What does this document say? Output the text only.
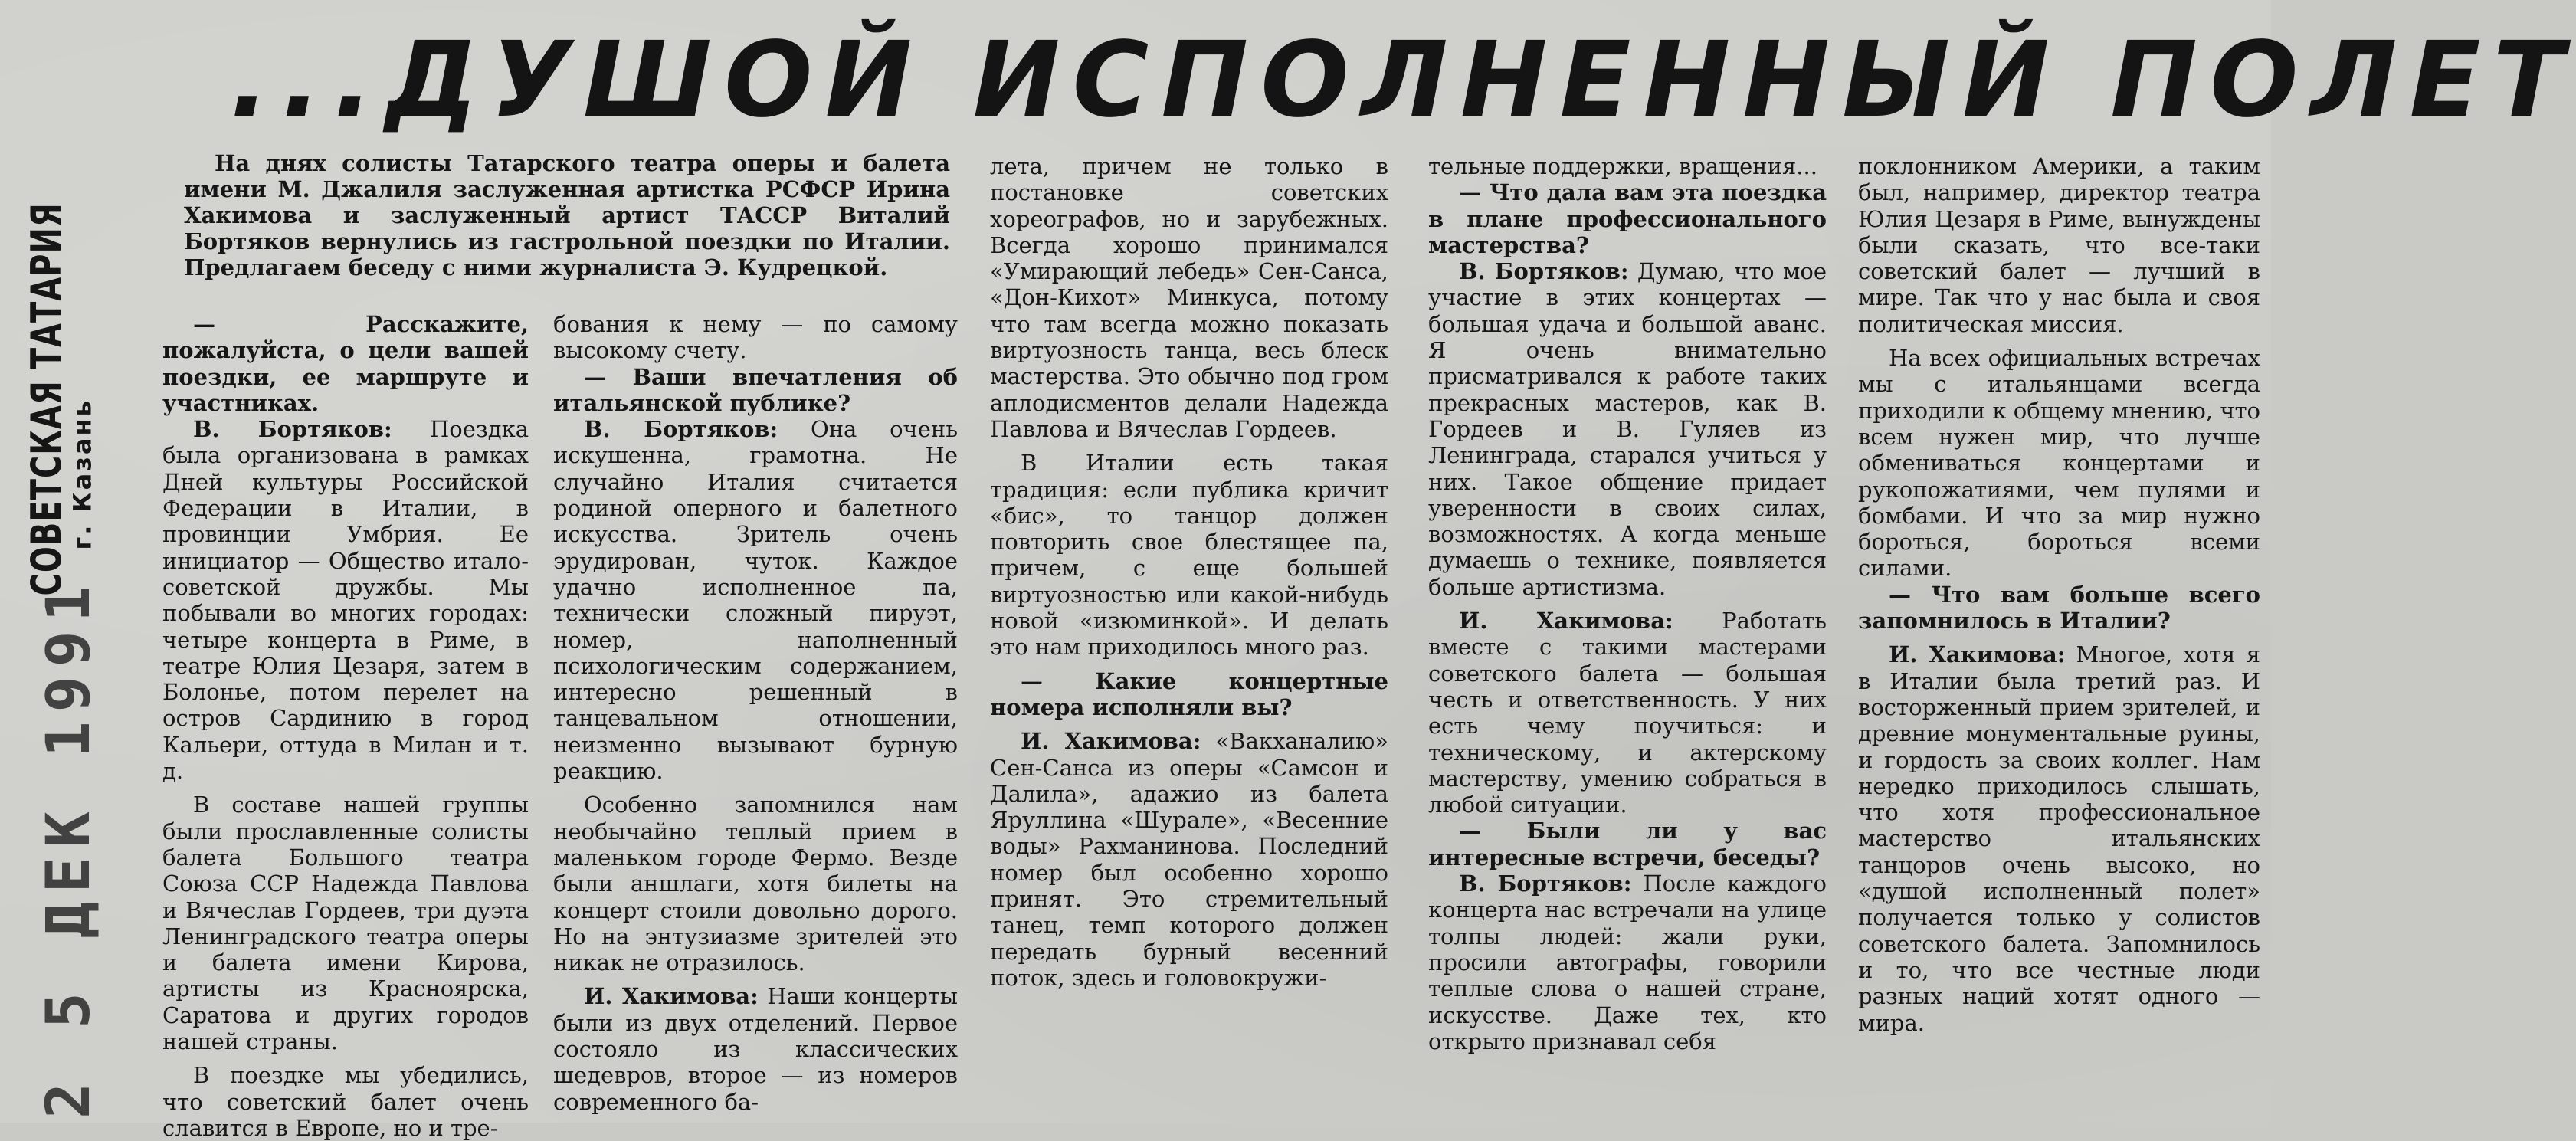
...ДУШОЙ ИСПОЛНЕННЫЙ ПОЛЕТ
СОВЕТСКАЯ ТАТАРИЯ
г. Казань
2 5 ДЕК 1991

На днях солисты Татарского театра оперы и балета имени М. Джалиля заслуженная артистка РСФСР Ирина Хакимова и заслуженный артист ТАССР Виталий Бортяков вернулись из гастрольной поездки по Италии. Предлагаем беседу с ними журналиста Э. Кудрецкой.

— Расскажите, пожалуйста, о цели вашей поездки, ее маршруте и участниках.

В. Бортяков: Поездка была организована в рамках Дней культуры Российской Федерации в Италии, в провинции Умбрия. Ее инициатор — Общество итало-советской дружбы. Мы побывали во многих городах: четыре концерта в Риме, в театре Юлия Цезаря, затем в Болонье, потом перелет на остров Сардинию в город Кальери, оттуда в Милан и т. д.

В составе нашей группы были прославленные солисты балета Большого театра Союза ССР Надежда Павлова и Вячеслав Гордеев, три дуэта Ленинградского театра оперы и балета имени Кирова, артисты из Красноярска, Саратова и других городов нашей страны.

В поездке мы убедились, что советский балет очень славится в Европе, но и тре-

бования к нему — по самому высокому счету.

— Ваши впечатления об итальянской публике?

В. Бортяков: Она очень искушенна, грамотна. Не случайно Италия считается родиной оперного и балетного искусства. Зритель очень эрудирован, чуток. Каждое удачно исполненное па, технически сложный пируэт, номер, наполненный психологическим содержанием, интересно решенный в танцевальном отношении, неизменно вызывают бурную реакцию.

Особенно запомнился нам необычайно теплый прием в маленьком городе Фермо. Везде были аншлаги, хотя билеты на концерт стоили довольно дорого. Но на энтузиазме зрителей это никак не отразилось.

И. Хакимова: Наши концерты были из двух отделений. Первое состояло из классических шедевров, второе — из номеров современного ба-

лета, причем не только в постановке советских хореографов, но и зарубежных. Всегда хорошо принимался «Умирающий лебедь» Сен-Санса, «Дон-Кихот» Минкуса, потому что там всегда можно показать виртуозность танца, весь блеск мастерства. Это обычно под гром аплодисментов делали Надежда Павлова и Вячеслав Гордеев.

В Италии есть такая традиция: если публика кричит «бис», то танцор должен повторить свое блестящее па, причем, с еще большей виртуозностью или какой-нибудь новой «изюминкой». И делать это нам приходилось много раз.

— Какие концертные номера исполняли вы?

И. Хакимова: «Вакханалию» Сен-Санса из оперы «Самсон и Далила», адажио из балета Яруллина «Шурале», «Весенние воды» Рахманинова. Последний номер был особенно хорошо принят. Это стремительный танец, темп которого должен передать бурный весенний поток, здесь и головокружи-

тельные поддержки, вращения...

— Что дала вам эта поездка в плане профессионального мастерства?

В. Бортяков: Думаю, что мое участие в этих концертах — большая удача и большой аванс. Я очень внимательно присматривался к работе таких прекрасных мастеров, как В. Гордеев и В. Гуляев из Ленинграда, старался учиться у них. Такое общение придает уверенности в своих силах, возможностях. А когда меньше думаешь о технике, появляется больше артистизма.

И. Хакимова: Работать вместе с такими мастерами советского балета — большая честь и ответственность. У них есть чему поучиться: и техническому, и актерскому мастерству, умению собраться в любой ситуации.

— Были ли у вас интересные встречи, беседы?

В. Бортяков: После каждого концерта нас встречали на улице толпы людей: жали руки, просили автографы, говорили теплые слова о нашей стране, искусстве. Даже тех, кто открыто признавал себя

поклонником Америки, а таким был, например, директор театра Юлия Цезаря в Риме, вынуждены были сказать, что все-таки советский балет — лучший в мире. Так что у нас была и своя политическая миссия.

На всех официальных встречах мы с итальянцами всегда приходили к общему мнению, что всем нужен мир, что лучше обмениваться концертами и рукопожатиями, чем пулями и бомбами. И что за мир нужно бороться, бороться всеми силами.

— Что вам больше всего запомнилось в Италии?

И. Хакимова: Многое, хотя я в Италии была третий раз. И восторженный прием зрителей, и древние монументальные руины, и гордость за своих коллег. Нам нередко приходилось слышать, что хотя профессиональное мастерство итальянских танцоров очень высоко, но «душой исполненный полет» получается только у солистов советского балета. Запомнилось и то, что все честные люди разных наций хотят одного — мира.
